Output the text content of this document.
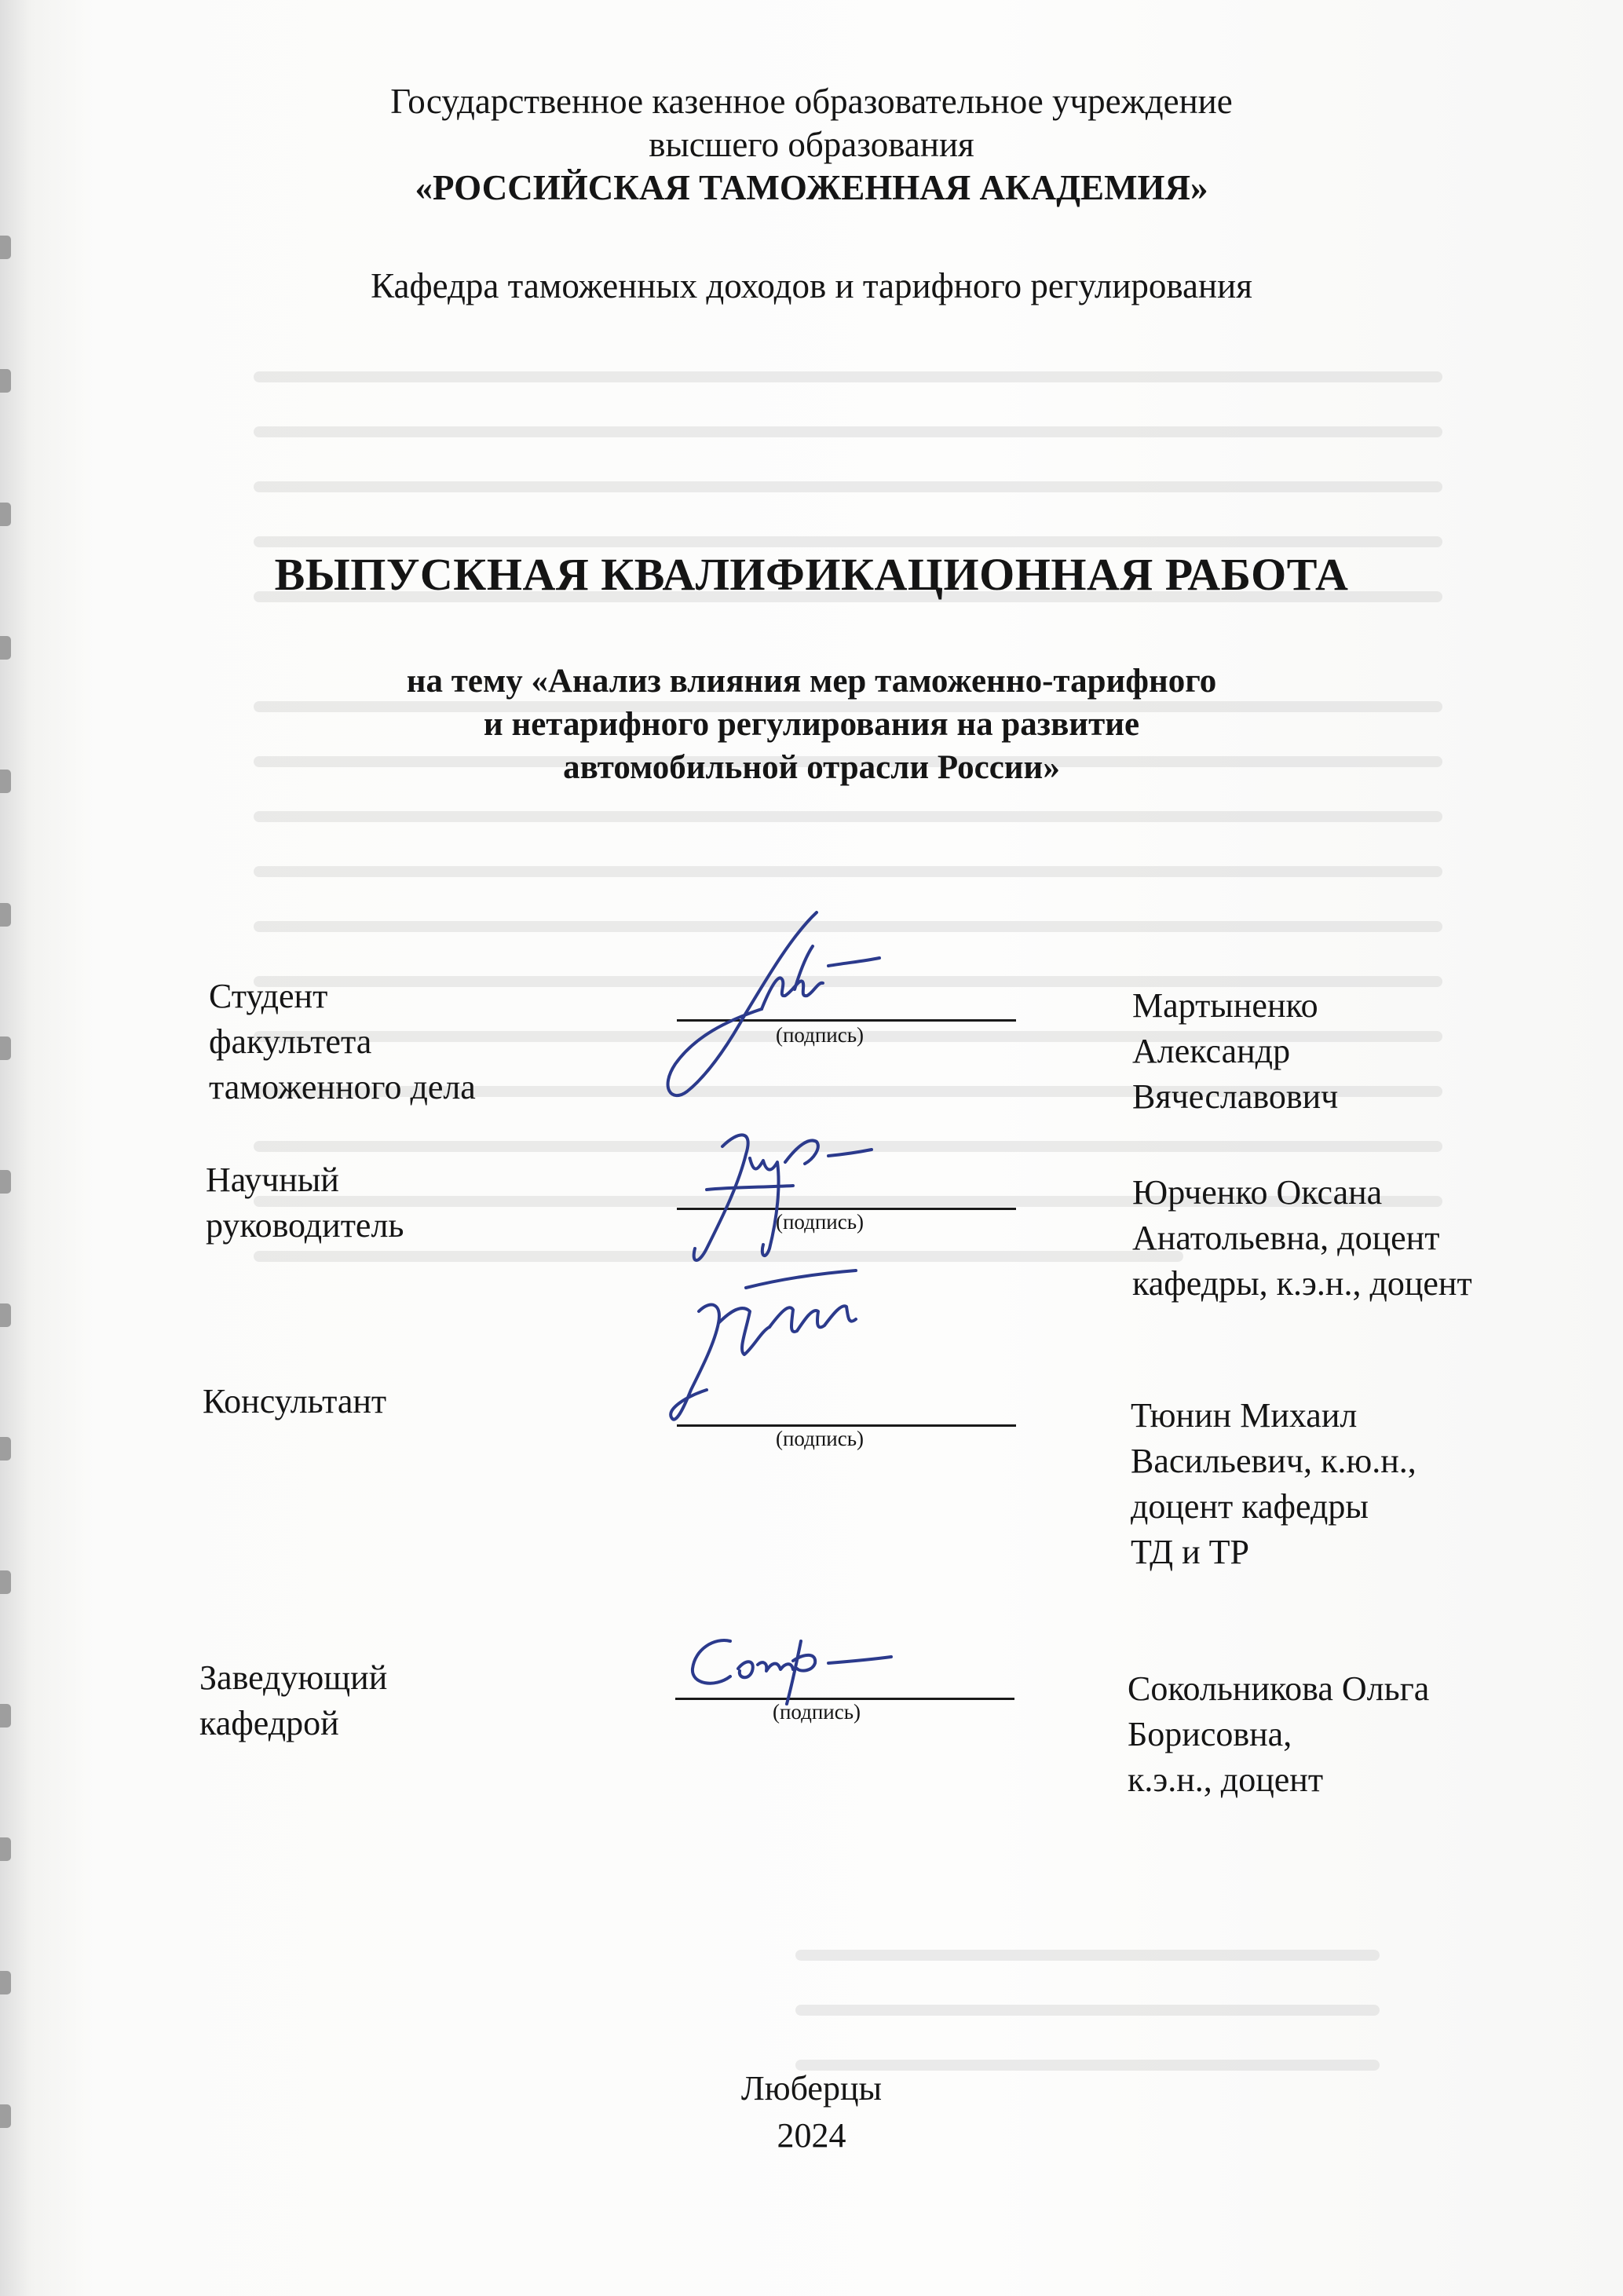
Государственное казенное образовательное учреждение
высшего образования
«РОССИЙСКАЯ ТАМОЖЕННАЯ АКАДЕМИЯ»
Кафедра таможенных доходов и тарифного регулирования
ВЫПУСКНАЯ КВАЛИФИКАЦИОННАЯ РАБОТА
на тему «Анализ влияния мер таможенно-тарифного
и нетарифного регулирования на развитие
автомобильной отрасли России»
Студент
факультета
таможенного дела
(подпись)
Мартыненко
Александр
Вячеславович
Научный
руководитель	(подпись)
Юрченко Оксана
Анатольевна, доцент
кафедры, к.э.н., доцент
Консультант
(подпись)
Тюнин Михаил
Васильевич, к.ю.н.,
доцент кафедры
ТД и ТР
Заведующий
кафедрой	(подпись)
Сокольникова Ольга
Борисовна,
к.э.н., доцент
Люберцы
2024
